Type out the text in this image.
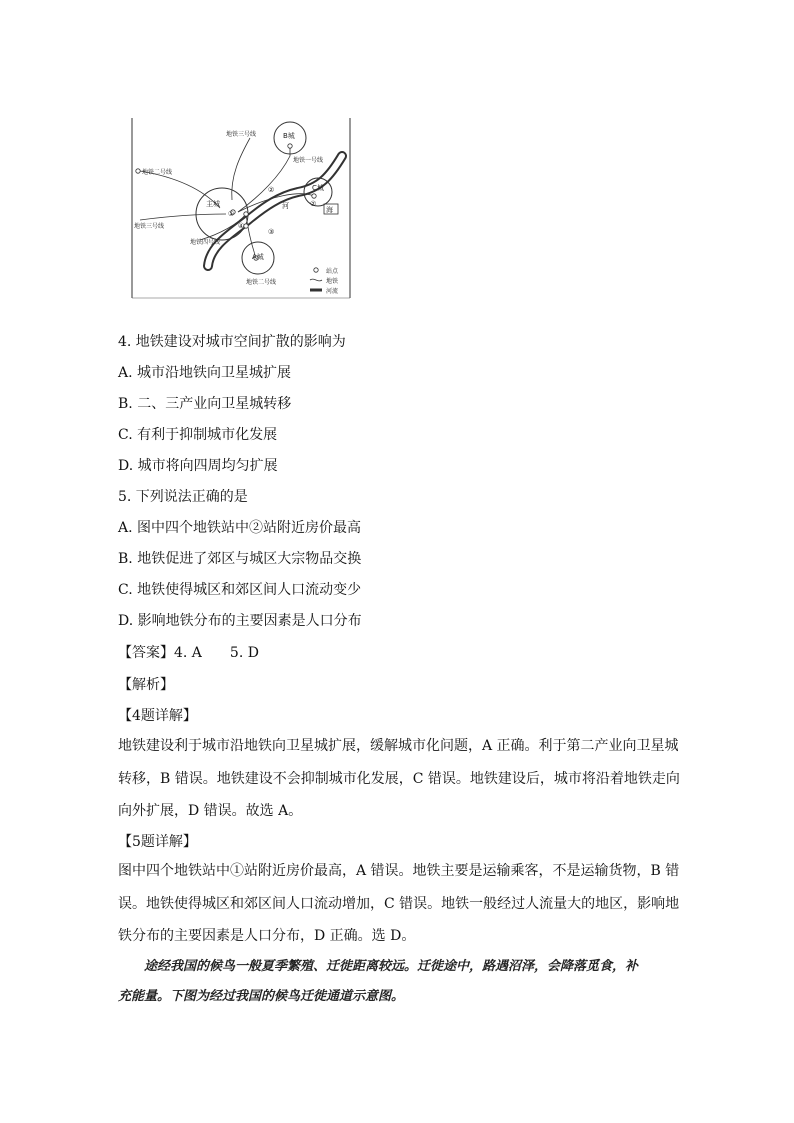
地铁三号线
地铁二号线
地铁一号线
地铁三号线
地铁四号线
地铁二号线
B城
C城
A城
主城	河	海
①
②
②
③
④
站点
地铁
河流
4. 地铁建设对城市空间扩散的影响为
A. 城市沿地铁向卫星城扩展
B. 二、三产业向卫星城转移
C. 有利于抑制城市化发展
D. 城市将向四周均匀扩展
5. 下列说法正确的是
A. 图中四个地铁站中②站附近房价最高
B. 地铁促进了郊区与城区大宗物品交换
C. 地铁使得城区和郊区间人口流动变少
D. 影响地铁分布的主要因素是人口分布
【答案】4. A　　5. D
【解析】
【4题详解】
地铁建设利于城市沿地铁向卫星城扩展，缓解城市化问题，A 正确。利于第二产业向卫星城
转移，B 错误。地铁建设不会抑制城市化发展，C 错误。地铁建设后，城市将沿着地铁走向
向外扩展，D 错误。故选 A。
【5题详解】
图中四个地铁站中①站附近房价最高，A 错误。地铁主要是运输乘客，不是运输货物，B 错
误。地铁使得城区和郊区间人口流动增加，C 错误。地铁一般经过人流量大的地区，影响地
铁分布的主要因素是人口分布，D 正确。选 D。
　　途经我国的候鸟一般夏季繁殖、迁徙距离较远。迁徙途中，路遇沼泽，会降落觅食，补
充能量。下图为经过我国的候鸟迁徙通道示意图。
